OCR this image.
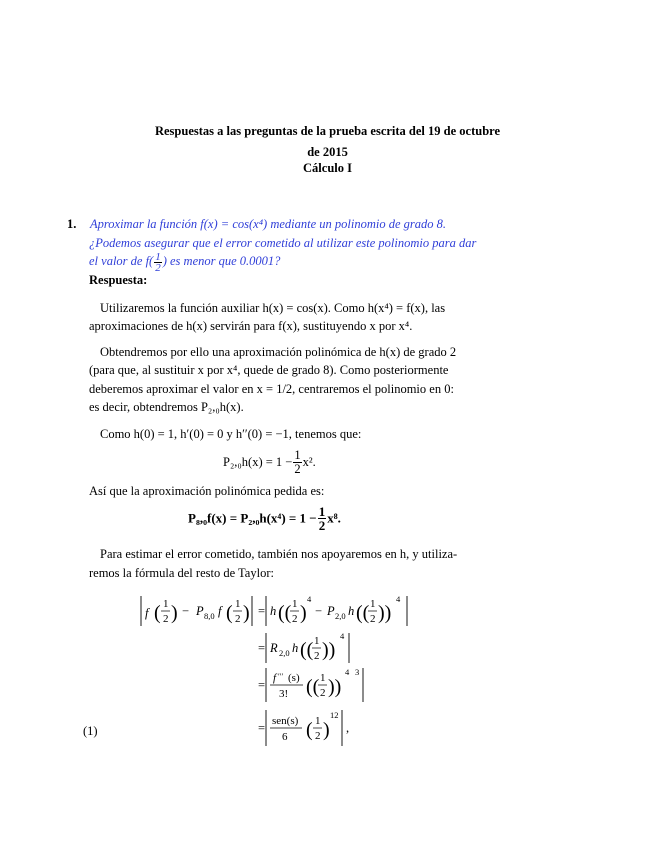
Respuestas a las preguntas de la prueba escrita del 19 de octubre
de 2015
Cálculo I
1. Aproximar la función f(x) = cos(x⁴) mediante un polinomio de grado 8.
¿Podemos asegurar que el error cometido al utilizar este polinomio para dar
el valor de $f( \frac{1}{2}$ ) es menor que 0.0001?
Respuesta:
Utilizaremos la función auxiliar h(x) = cos(x). Como h(x⁴) = f(x), las
aproximaciones de h(x) servirán para f(x), sustituyendo x por x⁴.
Obtendremos por ello una aproximación polinómica de h(x) de grado 2
(para que, al sustituir x por x⁴, quede de grado 8). Como posteriormente
deberemos aproximar el valor en x = 1/2, centraremos el polinomio en 0:
es decir, obtendremos P₂,₀h(x).
Como h(0) = 1, h′(0) = 0 y h′′(0) = −1, tenemos que:
$P_2,_0h(x) = 1 - \frac{1}{2} x^2$.
Así que la aproximación polinómica pedida es:
$P_8,_0f(x) = P_2,_0h(x^4) = 1 - \frac{1}{2} x^8$.
Para estimar el error cometido, también nos apoyaremos en h, y utiliza-
remos la fórmula del resto de Taylor:
f ( 1
2 ) − P 8,0 f ( 1
2 ) = h (( 1
2 )
4
− P 2,0 h (( 1
2 ))
4
= R 2,0 h (( 1
2 ))
4
= f ′′′ (s)
3! (( 1
2 ))
4 3
= sen(s)
6 ( 1
2 )
12
,
(1)
